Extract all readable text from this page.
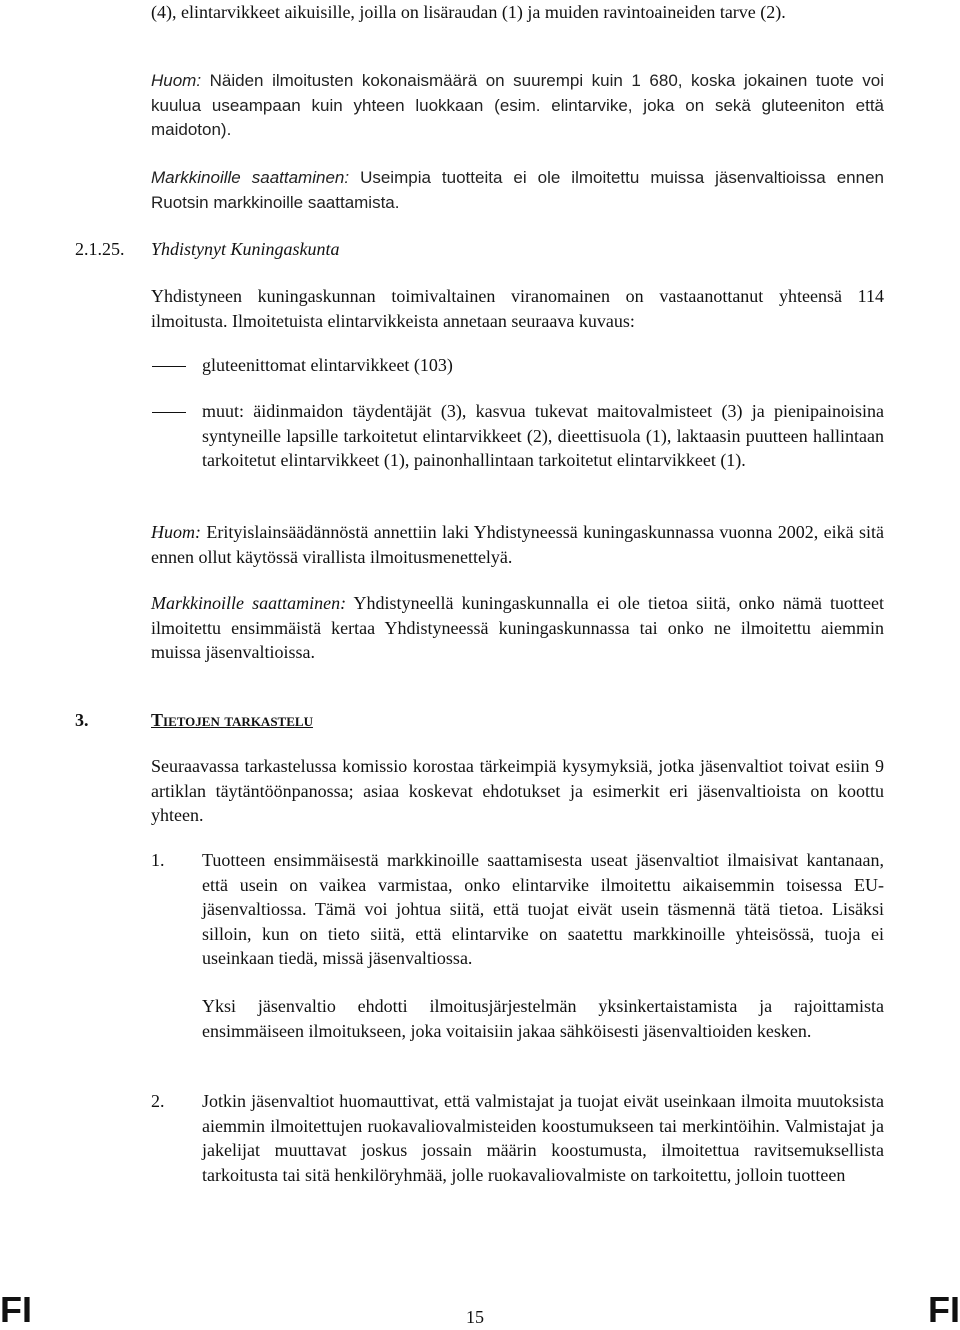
(4), elintarvikkeet aikuisille, joilla on lisäraudan (1) ja muiden ravintoaineiden tarve (2).

Huom: Näiden ilmoitusten kokonaismäärä on suurempi kuin 1 680, koska jokainen tuote voi kuulua useampaan kuin yhteen luokkaan (esim. elintarvike, joka on sekä gluteeniton että maidoton).

Markkinoille saattaminen: Useimpia tuotteita ei ole ilmoitettu muissa jäsenvaltioissa ennen Ruotsin markkinoille saattamista.

2.1.25. Yhdistynyt Kuningaskunta

Yhdistyneen kuningaskunnan toimivaltainen viranomainen on vastaanottanut yhteensä 114 ilmoitusta. Ilmoitetuista elintarvikkeista annetaan seuraava kuvaus:

gluteenittomat elintarvikkeet (103)

muut: äidinmaidon täydentäjät (3), kasvua tukevat maitovalmisteet (3) ja pienipainoisina syntyneille lapsille tarkoitetut elintarvikkeet (2), dieettisuola (1), laktaasin puutteen hallintaan tarkoitetut elintarvikkeet (1), painonhallintaan tarkoitetut elintarvikkeet (1).

Huom: Erityislainsäädännöstä annettiin laki Yhdistyneessä kuningaskunnassa vuonna 2002, eikä sitä ennen ollut käytössä virallista ilmoitusmenettelyä.

Markkinoille saattaminen: Yhdistyneellä kuningaskunnalla ei ole tietoa siitä, onko nämä tuotteet ilmoitettu ensimmäistä kertaa Yhdistyneessä kuningaskunnassa tai onko ne ilmoitettu aiemmin muissa jäsenvaltioissa.

3.	Tietojen tarkastelu

Seuraavassa tarkastelussa komissio korostaa tärkeimpiä kysymyksiä, jotka jäsenvaltiot toivat esiin 9 artiklan täytäntöönpanossa; asiaa koskevat ehdotukset ja esimerkit eri jäsenvaltioista on koottu yhteen.

1. Tuotteen ensimmäisestä markkinoille saattamisesta useat jäsenvaltiot ilmaisivat kantanaan, että usein on vaikea varmistaa, onko elintarvike ilmoitettu aikaisemmin toisessa EU-jäsenvaltiossa. Tämä voi johtua siitä, että tuojat eivät usein täsmennä tätä tietoa. Lisäksi silloin, kun on tieto siitä, että elintarvike on saatettu markkinoille yhteisössä, tuoja ei useinkaan tiedä, missä jäsenvaltiossa.

Yksi jäsenvaltio ehdotti ilmoitusjärjestelmän yksinkertaistamista ja rajoittamista ensimmäiseen ilmoitukseen, joka voitaisiin jakaa sähköisesti jäsenvaltioiden kesken.

2. Jotkin jäsenvaltiot huomauttivat, että valmistajat ja tuojat eivät useinkaan ilmoita muutoksista aiemmin ilmoitettujen ruokavaliovalmisteiden koostumukseen tai merkintöihin. Valmistajat ja jakelijat muuttavat joskus jossain määrin koostumusta, ilmoitettua ravitsemuksellista tarkoitusta tai sitä henkilöryhmää, jolle ruokavaliovalmiste on tarkoitettu, jolloin tuotteen

FI	15	FI
